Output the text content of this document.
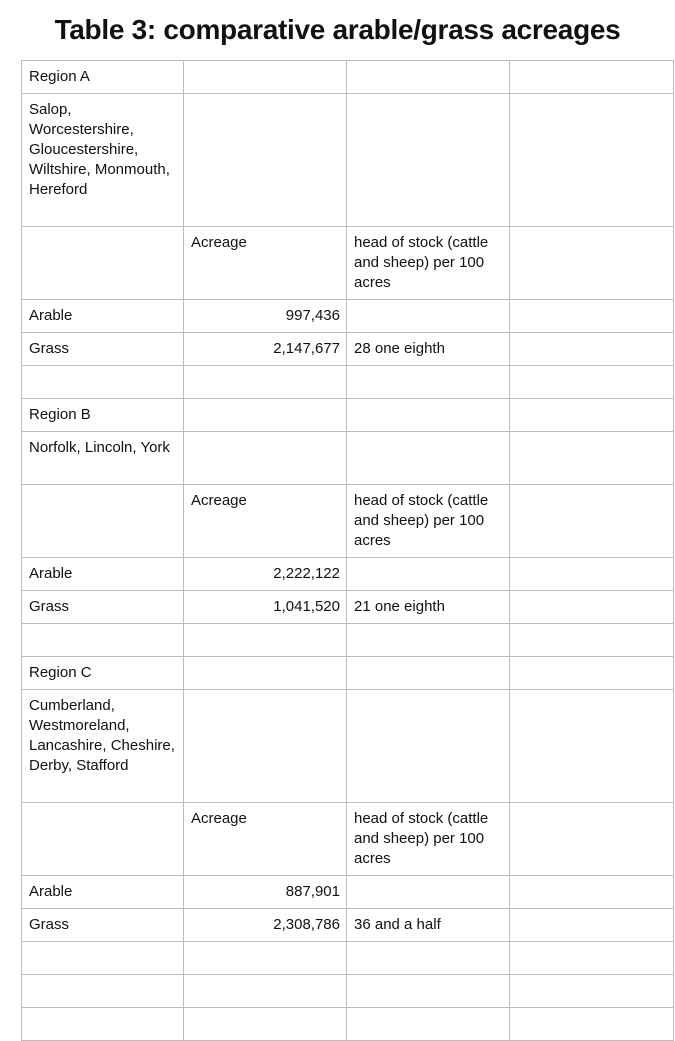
Table 3: comparative arable/grass acreages
Region A			
Salop, Worcestershire, Gloucestershire, Wiltshire, Monmouth, Hereford			
	Acreage	head of stock (cattle and sheep) per 100 acres	
Arable	997,436		
Grass	2,147,677	28 one eighth	

Region B			
Norfolk, Lincoln, York			
	Acreage	head of stock (cattle and sheep) per 100 acres	
Arable	2,222,122		
Grass	1,041,520	21 one eighth	

Region C			
Cumberland, Westmoreland, Lancashire, Cheshire, Derby, Stafford			
	Acreage	head of stock (cattle and sheep) per 100 acres	
Arable	887,901		
Grass	2,308,786	36 and a half	
